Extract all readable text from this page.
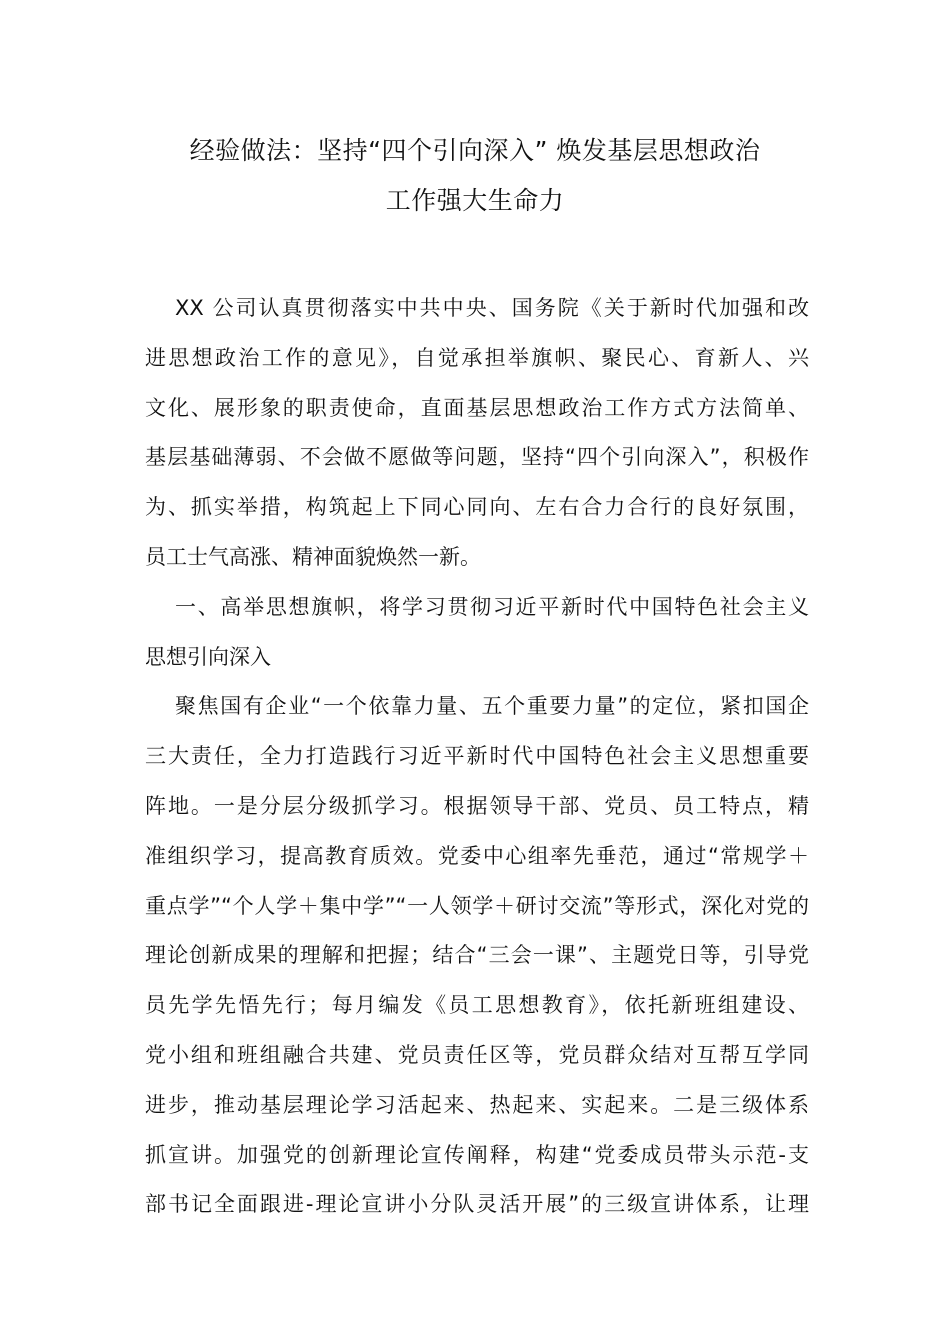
经验做法：坚持“四个引向深入” 焕发基层思想政治
工作强大生命力
XX 公司认真贯彻落实中共中央、国务院《关于新时代加强和改
进思想政治工作的意见》，自觉承担举旗帜、聚民心、育新人、兴
文化、展形象的职责使命，直面基层思想政治工作方式方法简单、
基层基础薄弱、不会做不愿做等问题，坚持“四个引向深入”，积极作
为、抓实举措，构筑起上下同心同向、左右合力合行的良好氛围，
员工士气高涨、精神面貌焕然一新。
一、高举思想旗帜，将学习贯彻习近平新时代中国特色社会主义
思想引向深入
聚焦国有企业“一个依靠力量、五个重要力量”的定位，紧扣国企
三大责任，全力打造践行习近平新时代中国特色社会主义思想重要
阵地。一是分层分级抓学习。根据领导干部、党员、员工特点，精
准组织学习，提高教育质效。党委中心组率先垂范，通过“常规学＋
重点学”“个人学＋集中学”“一人领学＋研讨交流”等形式，深化对党的
理论创新成果的理解和把握；结合“三会一课”、主题党日等，引导党
员先学先悟先行；每月编发《员工思想教育》，依托新班组建设、
党小组和班组融合共建、党员责任区等，党员群众结对互帮互学同
进步，推动基层理论学习活起来、热起来、实起来。二是三级体系
抓宣讲。加强党的创新理论宣传阐释，构建“党委成员带头示范-支
部书记全面跟进-理论宣讲小分队灵活开展”的三级宣讲体系，让理
